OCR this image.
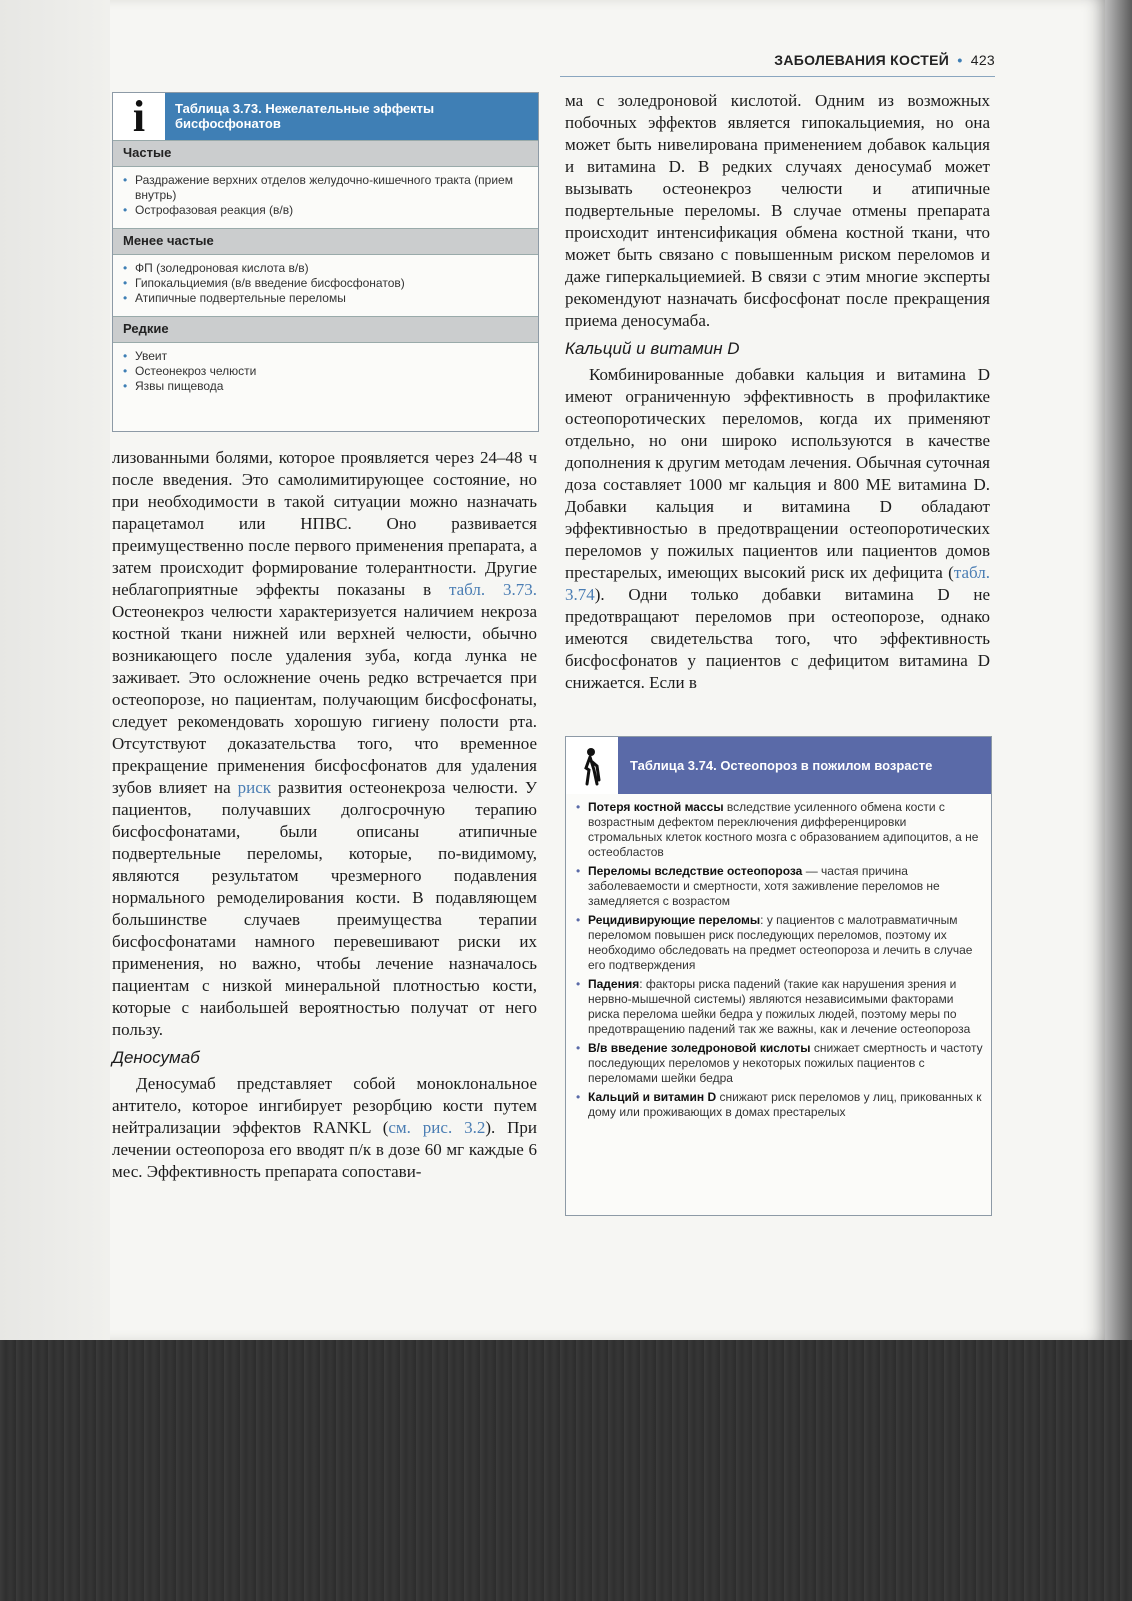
ЗАБОЛЕВАНИЯ КОСТЕЙ • 423
i	Таблица 3.73. Нежелательные эффекты бисфосфонатов
Частые
• Раздражение верхних отделов желудочно-кишечного тракта (прием внутрь)
• Острофазовая реакция (в/в)
Менее частые
• ФП (золедроновая кислота в/в)
• Гипокальциемия (в/в введение бисфосфонатов)
• Атипичные подвертельные переломы
Редкие
• Увеит
• Остеонекроз челюсти
• Язвы пищевода

лизованными болями, которое проявляется через 24–48 ч после введения. Это самолимитирующее состояние, но при необходимости в такой ситуации можно назначать парацетамол или НПВС. Оно развивается преимущественно после первого применения препарата, а затем происходит формирование толерантности. Другие неблагоприятные эффекты показаны в табл. 3.73. Остеонекроз челюсти характеризуется наличием некроза костной ткани нижней или верхней челюсти, обычно возникающего после удаления зуба, когда лунка не заживает. Это осложнение очень редко встречается при остеопорозе, но пациентам, получающим бисфосфонаты, следует рекомендовать хорошую гигиену полости рта. Отсутствуют доказательства того, что временное прекращение применения бисфосфонатов для удаления зубов влияет на риск развития остеонекроза челюсти. У пациентов, получавших долгосрочную терапию бисфосфонатами, были описаны атипичные подвертельные переломы, которые, по-видимому, являются результатом чрезмерного подавления нормального ремоделирования кости. В подавляющем большинстве случаев преимущества терапии бисфосфонатами намного перевешивают риски их применения, но важно, чтобы лечение назначалось пациентам с низкой минеральной плотностью кости, которые с наибольшей вероятностью получат от него пользу.

Деносумаб

Деносумаб представляет собой моноклональное антитело, которое ингибирует резорбцию кости путем нейтрализации эффектов RANKL (см. рис. 3.2). При лечении остеопороза его вводят п/к в дозе 60 мг каждые 6 мес. Эффективность препарата сопостави-

ма с золедроновой кислотой. Одним из возможных побочных эффектов является гипокальциемия, но она может быть нивелирована применением добавок кальция и витамина D. В редких случаях деносумаб может вызывать остеонекроз челюсти и атипичные подвертельные переломы. В случае отмены препарата происходит интенсификация обмена костной ткани, что может быть связано с повышенным риском переломов и даже гиперкальциемией. В связи с этим многие эксперты рекомендуют назначать бисфосфонат после прекращения приема деносумаба.

Кальций и витамин D

Комбинированные добавки кальция и витамина D имеют ограниченную эффективность в профилактике остеопоротических переломов, когда их применяют отдельно, но они широко используются в качестве дополнения к другим методам лечения. Обычная суточная доза составляет 1000 мг кальция и 800 МЕ витамина D. Добавки кальция и витамина D обладают эффективностью в предотвращении остеопоротических переломов у пожилых пациентов или пациентов домов престарелых, имеющих высокий риск их дефицита (табл. 3.74). Одни только добавки витамина D не предотвращают переломов при остеопорозе, однако имеются свидетельства того, что эффективность бисфосфонатов у пациентов с дефицитом витамина D снижается. Если в

Таблица 3.74. Остеопороз в пожилом возрасте
• Потеря костной массы вследствие усиленного обмена кости с возрастным дефектом переключения дифференцировки стромальных клеток костного мозга с образованием адипоцитов, а не остеобластов
• Переломы вследствие остеопороза — частая причина заболеваемости и смертности, хотя заживление переломов не замедляется с возрастом
• Рецидивирующие переломы: у пациентов с малотравматичным переломом повышен риск последующих переломов, поэтому их необходимо обследовать на предмет остеопороза и лечить в случае его подтверждения
• Падения: факторы риска падений (такие как нарушения зрения и нервно-мышечной системы) являются независимыми факторами риска перелома шейки бедра у пожилых людей, поэтому меры по предотвращению падений так же важны, как и лечение остеопороза
• В/в введение золедроновой кислоты снижает смертность и частоту последующих переломов у некоторых пожилых пациентов с переломами шейки бедра
• Кальций и витамин D снижают риск переломов у лиц, прикованных к дому или проживающих в домах престарелых
